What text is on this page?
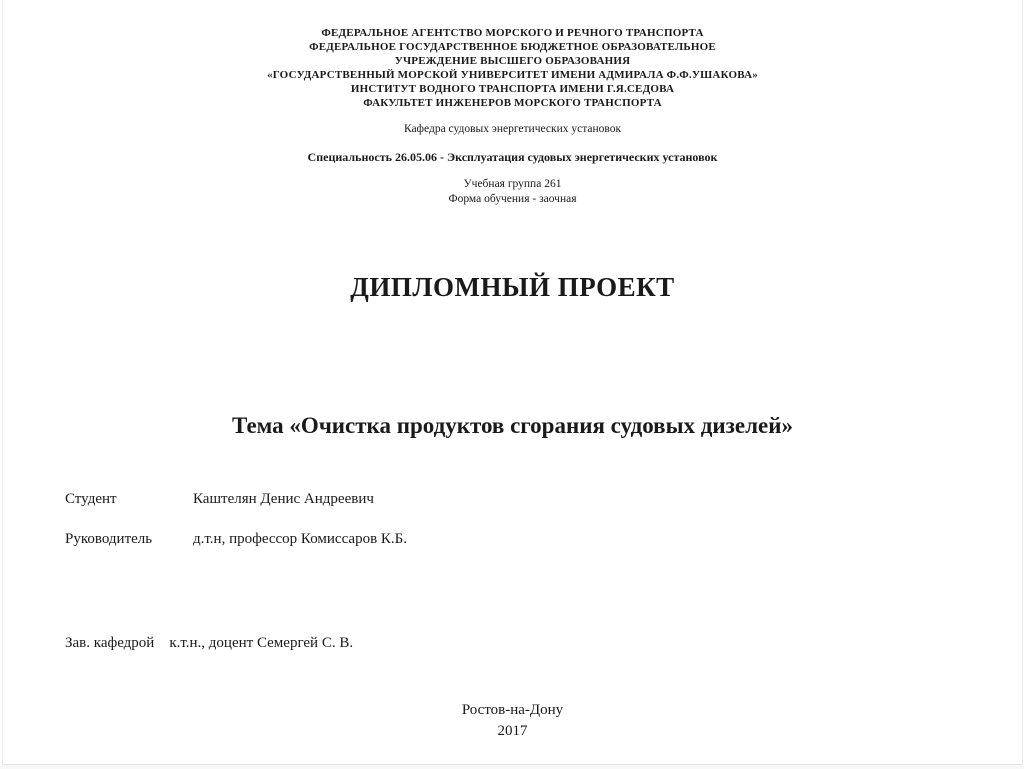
ФЕДЕРАЛЬНОЕ АГЕНТСТВО МОРСКОГО И РЕЧНОГО ТРАНСПОРТА
ФЕДЕРАЛЬНОЕ ГОСУДАРСТВЕННОЕ БЮДЖЕТНОЕ ОБРАЗОВАТЕЛЬНОЕ
УЧРЕЖДЕНИЕ ВЫСШЕГО ОБРАЗОВАНИЯ
«ГОСУДАРСТВЕННЫЙ МОРСКОЙ УНИВЕРСИТЕТ ИМЕНИ АДМИРАЛА Ф.Ф.УШАКОВА»
ИНСТИТУТ ВОДНОГО ТРАНСПОРТА ИМЕНИ Г.Я.СЕДОВА
ФАКУЛЬТЕТ ИНЖЕНЕРОВ МОРСКОГО ТРАНСПОРТА
Кафедра судовых энергетических установок
Специальность 26.05.06 - Эксплуатация судовых энергетических установок
Учебная группа 261
Форма обучения - заочная
ДИПЛОМНЫЙ ПРОЕКТ
Тема «Очистка продуктов сгорания судовых дизелей»
Студент	Каштелян Денис Андреевич
Руководитель	д.т.н, профессор Комиссаров К.Б.
Зав. кафедрой к.т.н., доцент Семергей С. В.
Ростов-на-Дону
2017
